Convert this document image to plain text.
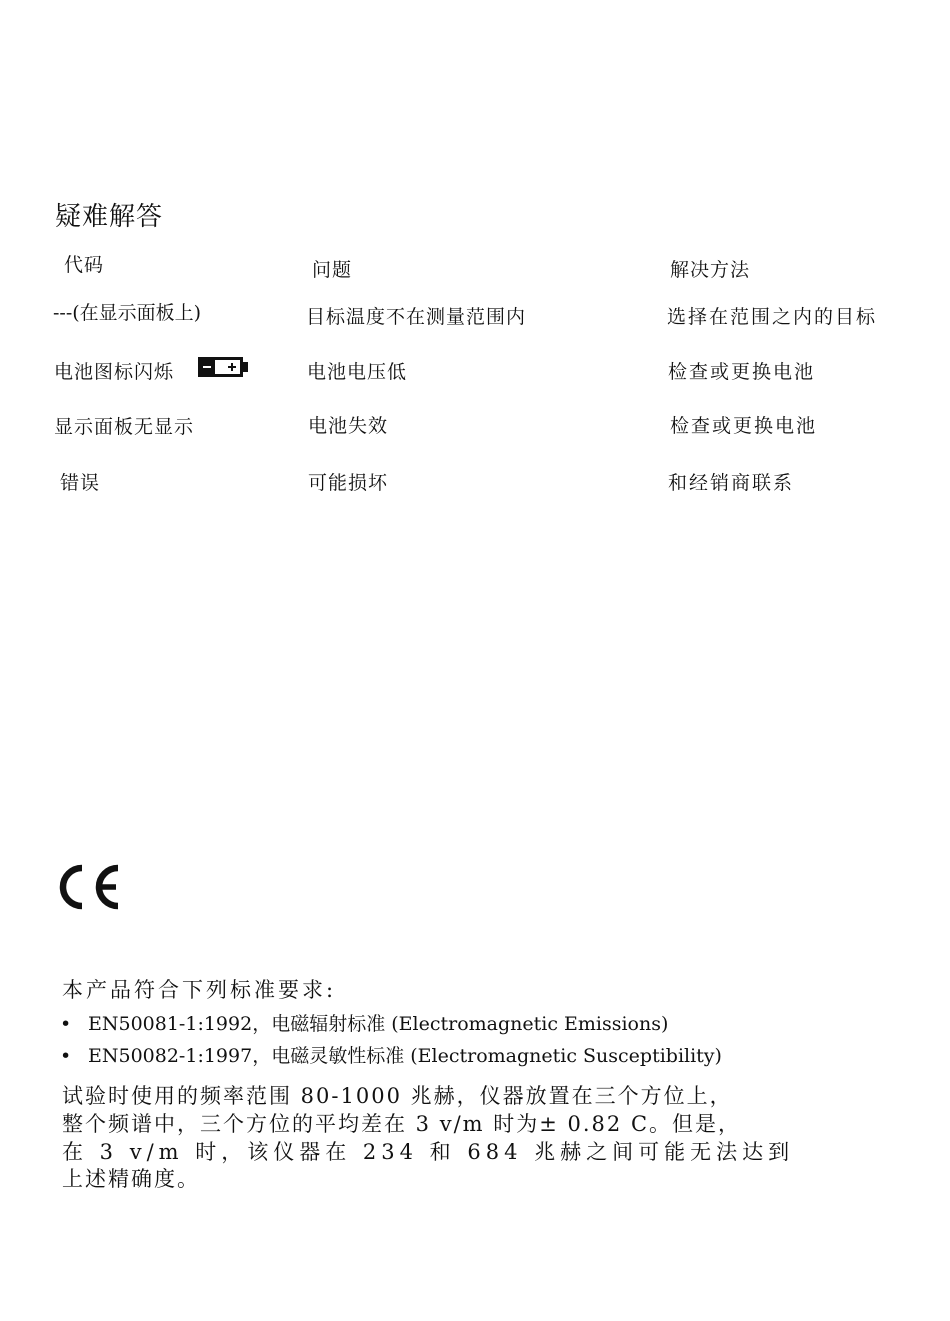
疑难解答
代码	问题	解决方法
---(在显示面板上)	目标温度不在测量范围内	选择在范围之内的目标
电池图标闪烁	电池电压低	检查或更换电池
显示面板无显示	电池失效	检查或更换电池
错误	可能损坏	和经销商联系
本产品符合下列标准要求:
• EN50081-1:1992，电磁辐射标准 (Electromagnetic Emissions)
• EN50082-1:1997，电磁灵敏性标准 (Electromagnetic Susceptibility)
试验时使用的频率范围 80-1000 兆赫，仪器放置在三个方位上，
整个频谱中，三个方位的平均差在 3 v/m 时为± 0.82 C。但是，
在 3 v/m 时，该仪器在 234 和 684 兆赫之间可能无法达到
上述精确度。
